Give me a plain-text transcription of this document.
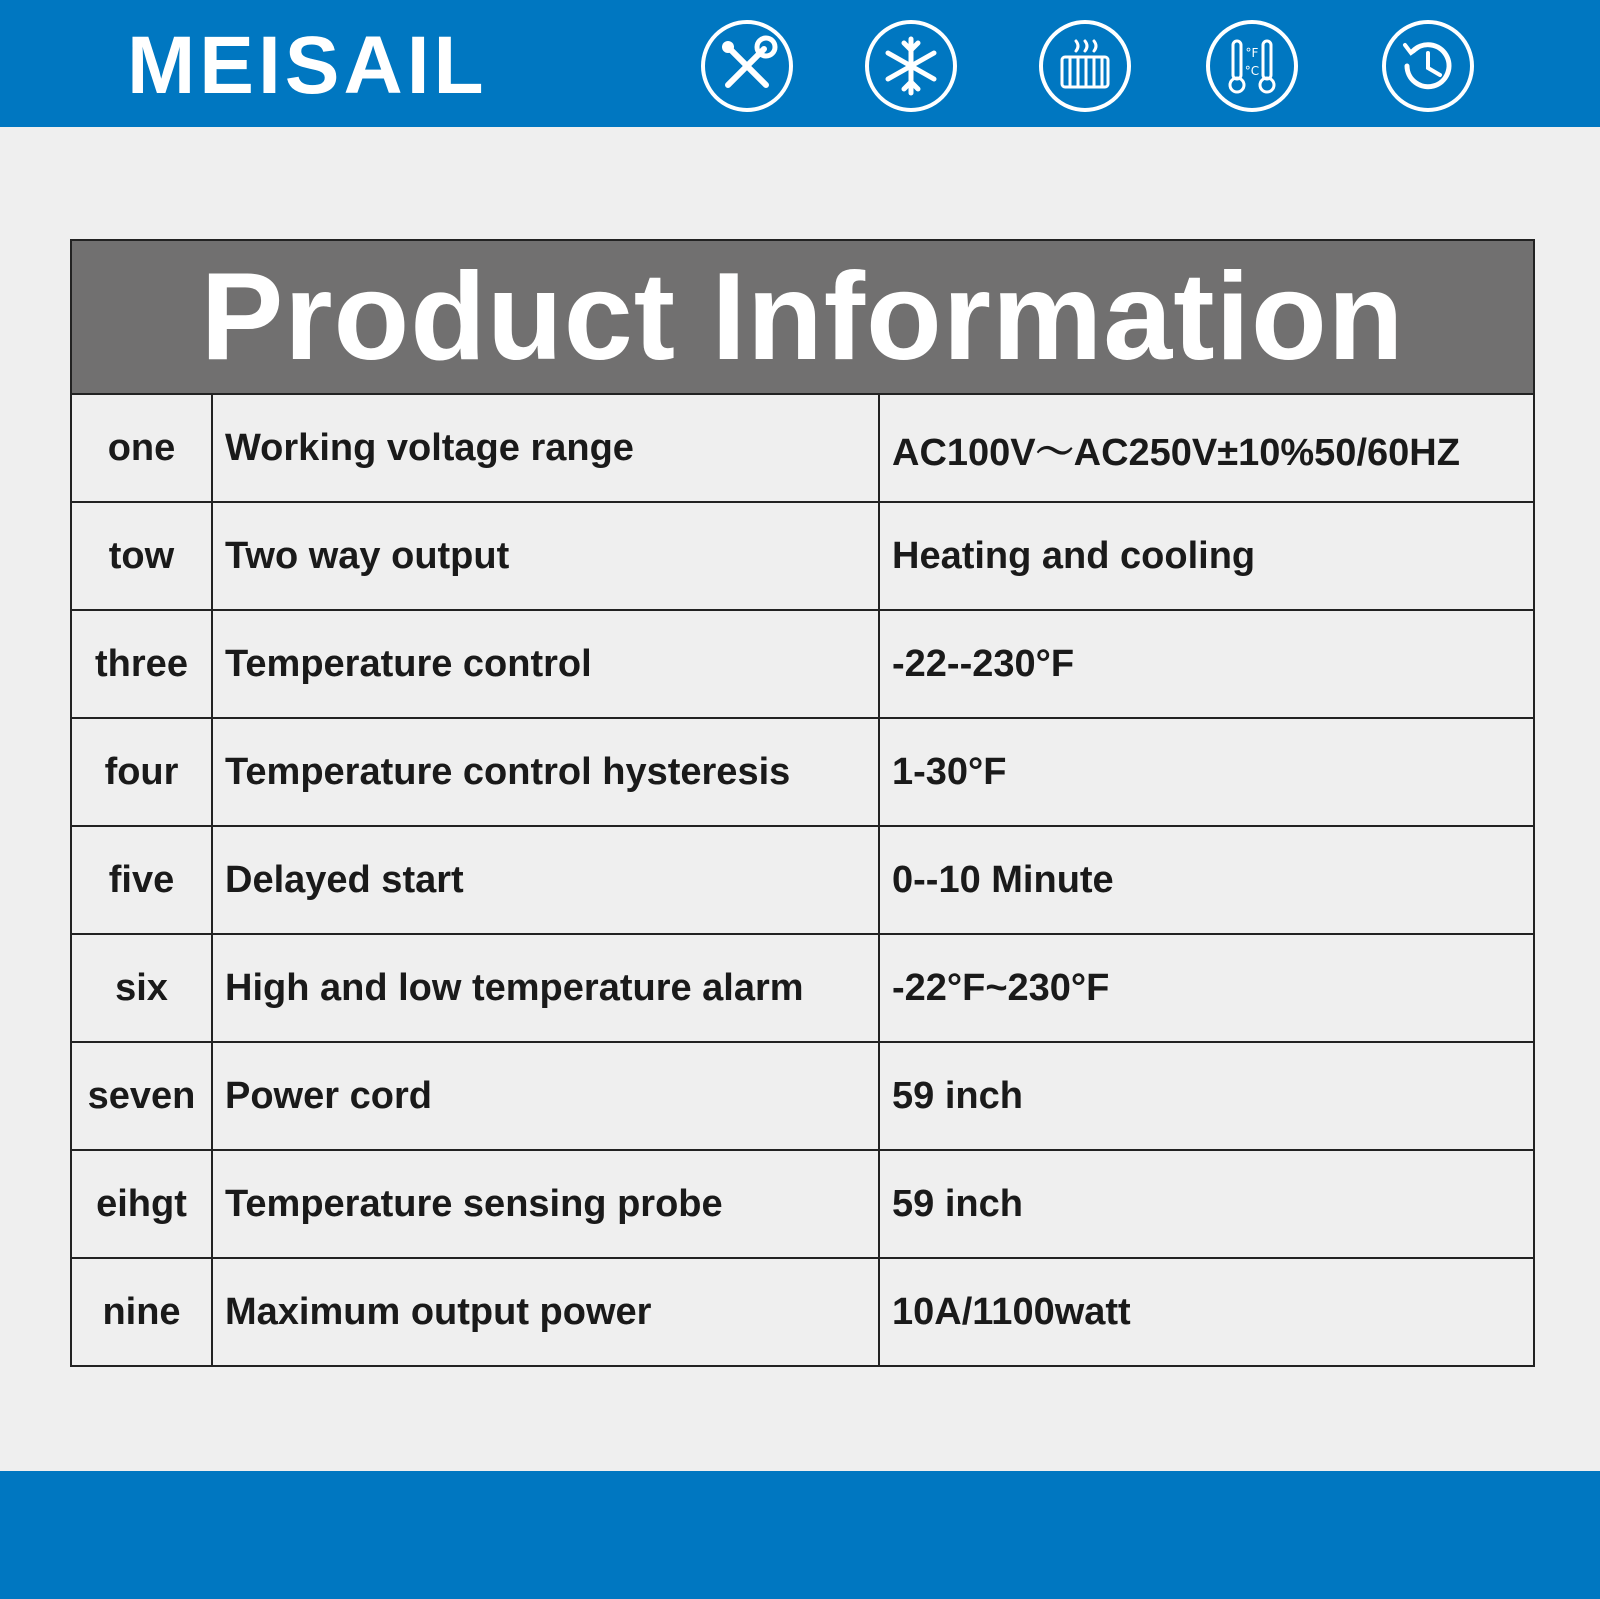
MEISAIL	°F
°C
Product Information		
one	Working voltage range	AC100V～AC250V±10%50/60HZ
tow	Two way output	Heating and cooling
three	Temperature control	-22--230°F
four	Temperature control hysteresis	1-30°F
five	Delayed start	0--10 Minute
six	High and low temperature alarm	-22°F~230°F
seven	Power cord	59 inch
eihgt	Temperature sensing probe	59 inch
nine	Maximum output power	10A/1100watt
